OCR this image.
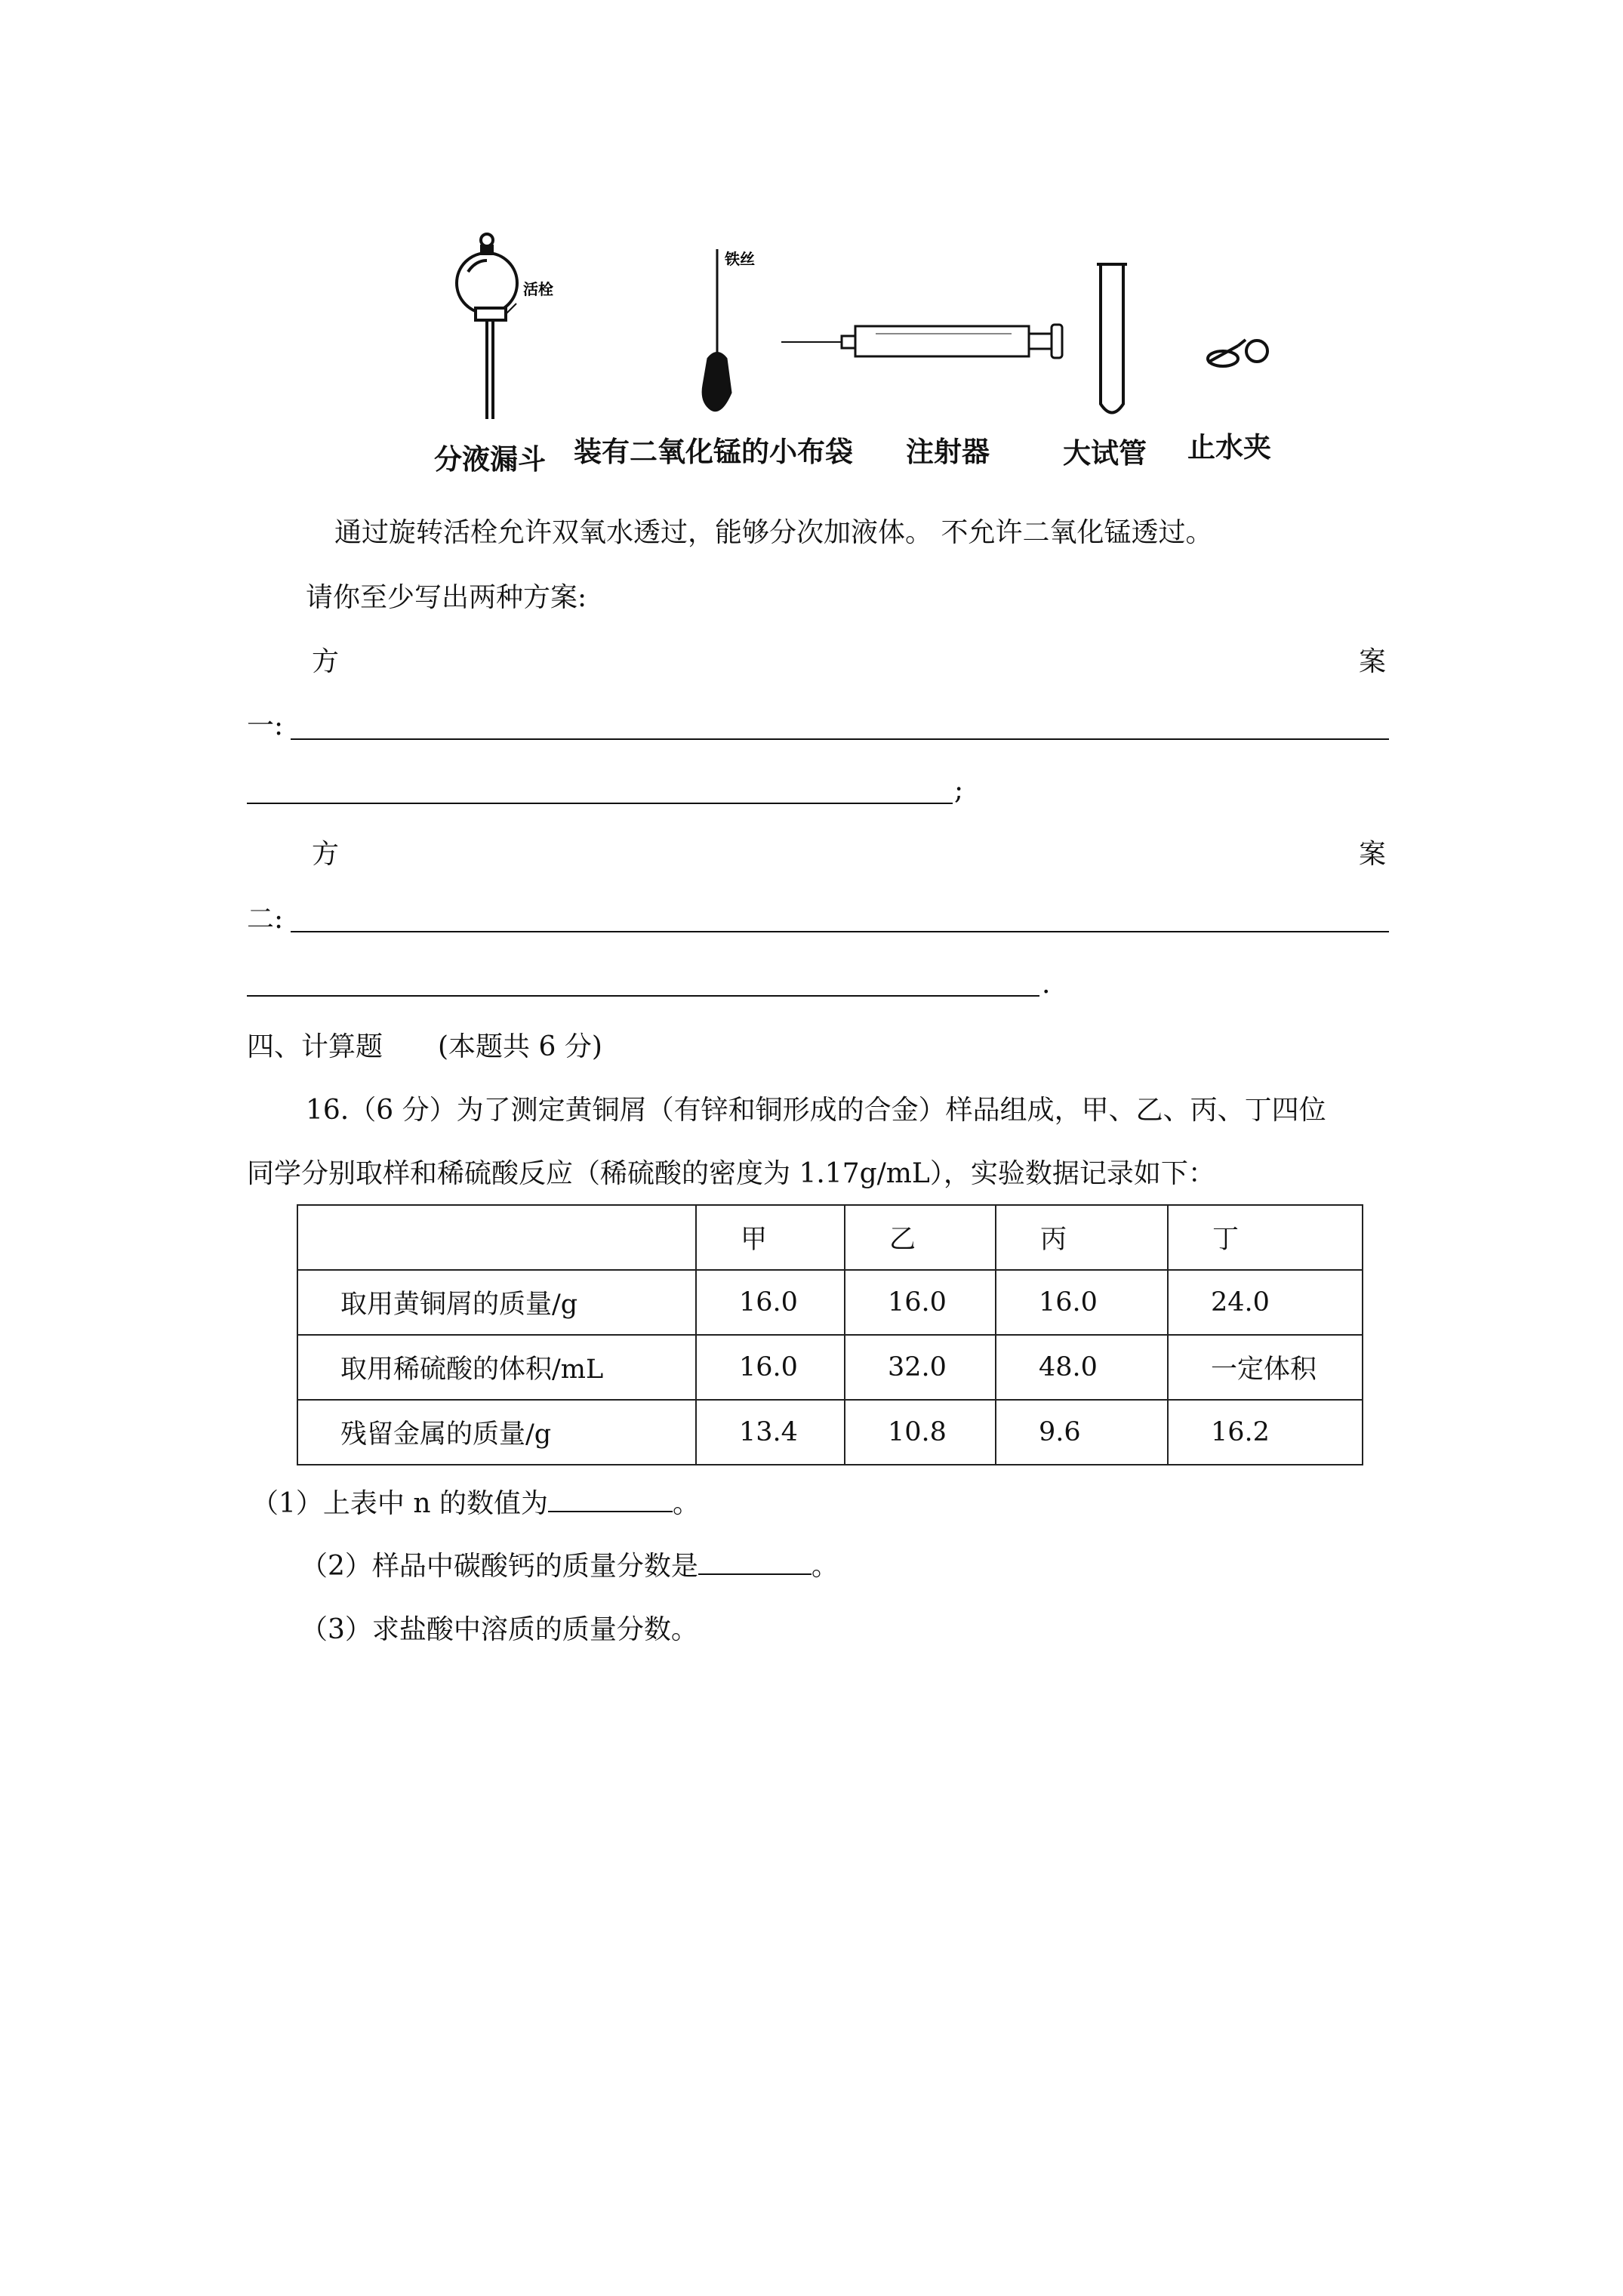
活栓
铁丝
分液漏斗 装有二氧化锰的小布袋 注射器	大试管 止水夹
通过旋转活栓允许双氧水透过，能够分次加液体。 不允许二氧化锰透过。
请你至少写出两种方案:
方	案
一:
;
方	案
二:
.
四、计算题 (本题共 6 分)
16.（6 分）为了测定黄铜屑（有锌和铜形成的合金）样品组成，甲、乙、丙、丁四位
同学分别取样和稀硫酸反应（稀硫酸的密度为 1.17g/mL），实验数据记录如下：
	甲	乙	丙	丁
取用黄铜屑的质量/g	16.0	16.0	16.0	24.0
取用稀硫酸的体积/mL	16.0	32.0	48.0	一定体积
残留金属的质量/g	13.4	10.8	9.6	16.2
（1）上表中 n 的数值为	。
（2）样品中碳酸钙的质量分数是	。
（3）求盐酸中溶质的质量分数。
